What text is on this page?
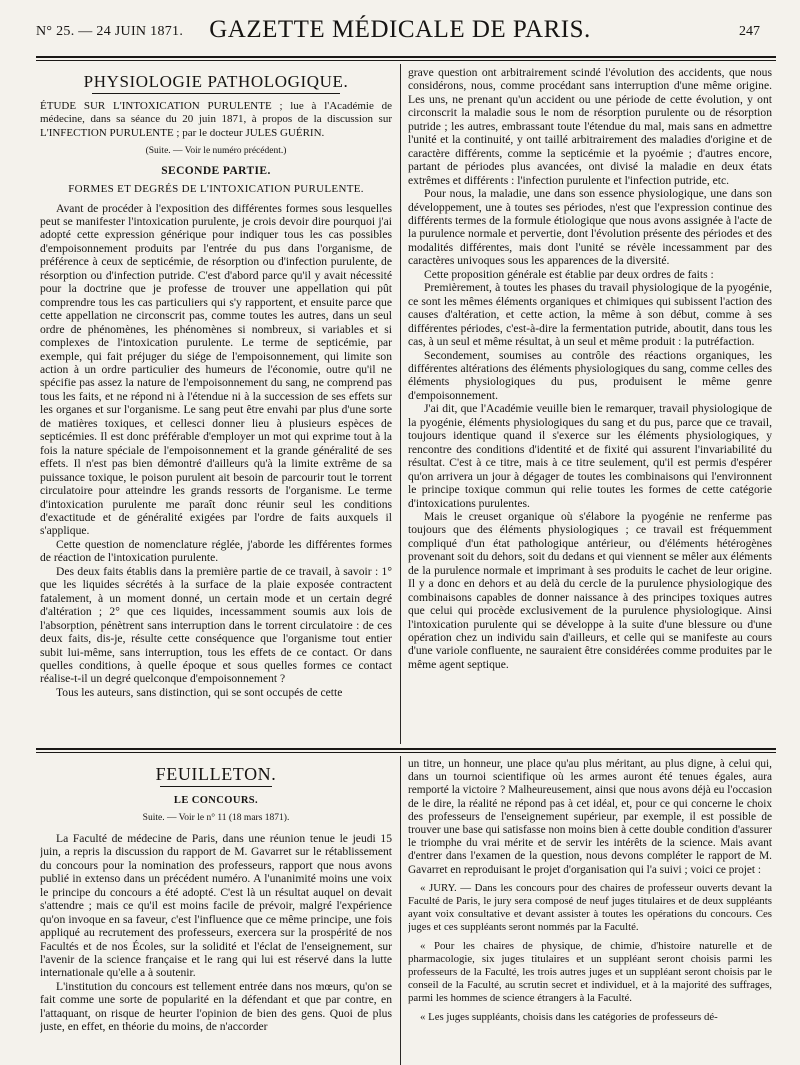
N° 25. — 24 JUIN 1871.	GAZETTE MÉDICALE DE PARIS.	247
PHYSIOLOGIE PATHOLOGIQUE.
ÉTUDE SUR L'INTOXICATION PURULENTE ; lue à l'Académie de médecine, dans sa séance du 20 juin 1871, à propos de la discussion sur L'INFECTION PURULENTE ; par le docteur JULES GUÉRIN.

(Suite. — Voir le numéro précédent.)

SECONDE PARTIE.

FORMES ET DEGRÉS DE L'INTOXICATION PURULENTE.

Avant de procéder à l'exposition des différentes formes sous lesquelles peut se manifester l'intoxication purulente, je crois devoir dire pourquoi j'ai adopté cette expression générique pour indiquer tous les cas possibles d'empoisonnement produits par l'entrée du pus dans l'organisme, de préférence à ceux de septicémie, de résorption ou d'infection purulente, de résorption ou d'infection putride. C'est d'abord parce qu'il y avait nécessité pour la doctrine que je professe de trouver une appellation qui pût comprendre tous les cas particuliers qui s'y rapportent, et ensuite parce que cette appellation ne circonscrit pas, comme toutes les autres, dans un seul ordre de phénomènes, les phénomènes si nombreux, si variables et si complexes de l'intoxication purulente. Le terme de septicémie, par exemple, qui fait préjuger du siége de l'empoisonnement, qui limite son action à un ordre particulier des humeurs de l'économie, outre qu'il ne spécifie pas assez la nature de l'empoisonnement du sang, ne comprend pas tous les faits, et ne répond ni à l'étendue ni à la succession de ses effets sur les organes et sur l'organisme. Le sang peut être envahi par plus d'une sorte de matières toxiques, et cellesci donner lieu à plusieurs espèces de septicémies. Il est donc préférable d'employer un mot qui exprime tout à la fois la nature spéciale de l'empoisonnement et la grande généralité de ses effets. Il n'est pas bien démontré d'ailleurs qu'à la limite extrême de sa puissance toxique, le poison purulent ait besoin de parcourir tout le torrent circulatoire pour atteindre les grands ressorts de l'organisme. Le terme d'intoxication purulente me paraît donc réunir seul les conditions d'exactitude et de généralité exigées par l'ordre de faits auxquels il s'applique.

Cette question de nomenclature réglée, j'aborde les différentes formes de réaction de l'intoxication purulente.

Des deux faits établis dans la première partie de ce travail, à savoir : 1° que les liquides sécrétés à la surface de la plaie exposée contractent fatalement, à un moment donné, un certain mode et un certain degré d'altération ; 2° que ces liquides, incessamment soumis aux lois de l'absorption, pénètrent sans interruption dans le torrent circulatoire : de ces deux faits, dis-je, résulte cette conséquence que l'organisme tout entier subit lui-même, sans interruption, tous les effets de ce contact. Or dans quelles conditions, à quelle époque et sous quelles formes ce contact réalise-t-il un degré quelconque d'empoisonnement ?

Tous les auteurs, sans distinction, qui se sont occupés de cette

grave question ont arbitrairement scindé l'évolution des accidents, que nous considérons, nous, comme procédant sans interruption d'une même origine. Les uns, ne prenant qu'un accident ou une période de cette évolution, y ont circonscrit la maladie sous le nom de résorption purulente ou de résorption putride ; les autres, embrassant toute l'étendue du mal, mais sans en admettre l'unité et la continuité, y ont taillé arbitrairement des maladies d'origine et de caractère différents, comme la septicémie et la pyoémie ; d'autres encore, partant de périodes plus avancées, ont divisé la maladie en deux états extrêmes et différents : l'infection purulente et l'infection putride, etc.

Pour nous, la maladie, une dans son essence physiologique, une dans son développement, une à toutes ses périodes, n'est que l'expression continue des différents termes de la formule étiologique que nous avons assignée à l'acte de la purulence normale et pervertie, dont l'évolution présente des périodes et des modalités différentes, mais dont l'unité se révèle incessamment par des caractères univoques sous les apparences de la diversité.

Cette proposition générale est établie par deux ordres de faits :

Premièrement, à toutes les phases du travail physiologique de la pyogénie, ce sont les mêmes éléments organiques et chimiques qui subissent l'action des causes d'altération, et cette action, la même à son début, comme à ses différentes périodes, c'est-à-dire la fermentation putride, aboutit, dans tous les cas, à un seul et même résultat, à un seul et même produit : la putréfaction.

Secondement, soumises au contrôle des réactions organiques, les différentes altérations des éléments physiologiques du sang, comme celles des éléments physiologiques du pus, produisent le même genre d'empoisonnement.

J'ai dit, que l'Académie veuille bien le remarquer, travail physiologique de la pyogénie, éléments physiologiques du sang et du pus, parce que ce travail, toujours identique quand il s'exerce sur les éléments physiologiques, y rencontre des conditions d'identité et de fixité qui assurent l'invariabilité du résultat. C'est à ce titre, mais à ce titre seulement, qu'il est permis d'espérer qu'on arrivera un jour à dégager de toutes les combinaisons qui l'environnent le principe toxique commun qui relie toutes les formes de cette catégorie d'intoxications purulentes.

Mais le creuset organique où s'élabore la pyogénie ne renferme pas toujours que des éléments physiologiques ; ce travail est fréquemment compliqué d'un état pathologique antérieur, ou d'éléments hétérogènes provenant soit du dehors, soit du dedans et qui viennent se mêler aux éléments de la purulence normale et imprimant à ses produits le cachet de leur origine. Il y a donc en dehors et au delà du cercle de la purulence physiologique des combinaisons capables de donner naissance à des principes toxiques autres que celui qui procède exclusivement de la purulence physiologique. Ainsi l'intoxication purulente qui se développe à la suite d'une blessure ou d'une opération chez un individu sain d'ailleurs, et celle qui se manifeste au cours d'une variole confluente, ne sauraient être considérées comme produites par le même agent septique.

FEUILLETON.

LE CONCOURS.

Suite. — Voir le n° 11 (18 mars 1871).

La Faculté de médecine de Paris, dans une réunion tenue le jeudi 15 juin, a repris la discussion du rapport de M. Gavarret sur le rétablissement du concours pour la nomination des professeurs, rapport que nous avons publié in extenso dans un précédent numéro. A l'unanimité moins une voix le principe du concours a été adopté. C'est là un résultat auquel on devait s'attendre ; mais ce qu'il est moins facile de prévoir, malgré l'expérience qu'on invoque en sa faveur, c'est l'influence que ce même principe, une fois appliqué au recrutement des professeurs, exercera sur la prospérité de nos Facultés et de nos Écoles, sur la solidité et l'éclat de l'enseignement, sur l'avenir de la science française et le rang qui lui est réservé dans la lutte internationale qu'elle a à soutenir.

L'institution du concours est tellement entrée dans nos mœurs, qu'on se fait comme une sorte de popularité en la défendant et que par contre, en l'attaquant, on risque de heurter l'opinion de bien des gens. Quoi de plus juste, en effet, en théorie du moins, de n'accorder

un titre, un honneur, une place qu'au plus méritant, au plus digne, à celui qui, dans un tournoi scientifique où les armes auront été tenues égales, aura remporté la victoire ? Malheureusement, ainsi que nous avons déjà eu l'occasion de le dire, la réalité ne répond pas à cet idéal, et, pour ce qui concerne le choix des professeurs de l'enseignement supérieur, par exemple, il est possible de trouver une base qui satisfasse non moins bien à cette double condition d'assurer le triomphe du vrai mérite et de servir les intérêts de la science. Mais avant d'entrer dans l'examen de la question, nous devons compléter le rapport de M. Gavarret en reproduisant le projet d'organisation qui l'a suivi ; voici ce projet :

« JURY. — Dans les concours pour des chaires de professeur ouverts devant la Faculté de Paris, le jury sera composé de neuf juges titulaires et de deux suppléants ayant voix consultative et devant assister à toutes les opérations du concours. Ces juges et ces suppléants seront nommés par la Faculté.

« Pour les chaires de physique, de chimie, d'histoire naturelle et de pharmacologie, six juges titulaires et un suppléant seront choisis parmi les professeurs de la Faculté, les trois autres juges et un suppléant seront choisis par le conseil de la Faculté, au scrutin secret et individuel, et à la majorité des suffrages, parmi les hommes de science étrangers à la Faculté.

« Les juges suppléants, choisis dans les catégories de professeurs dé-
